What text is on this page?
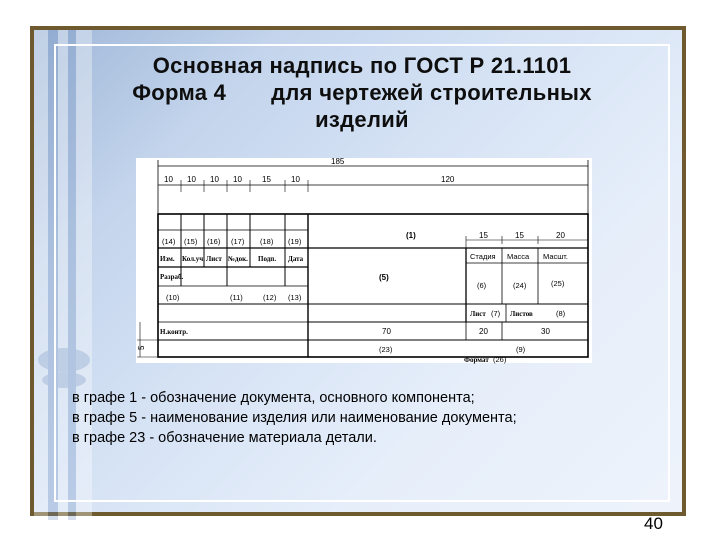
Основная надпись по ГОСТ Р 21.1101
Форма 4       для чертежей строительных
изделий
185
10 10 10 10	15	10	120
(14) (15) (16) (17) (18) (19)
(1)	15	15	20
Изм. Кол.уч. Лист №док. Подп. Дата
Разраб.	(5)
Стадия Масса Масшт.
(6)	(24)	(25)
(10)	(11)	(12) (13)
Лист (7) Листов	(8)
Н.контр.	70	20	30
(23)	(9)
5
Формат (26)
в графе 1 - обозначение документа, основного компонента;
в графе 5 - наименование изделия или наименование документа;
в графе 23 - обозначение материала детали.
40
